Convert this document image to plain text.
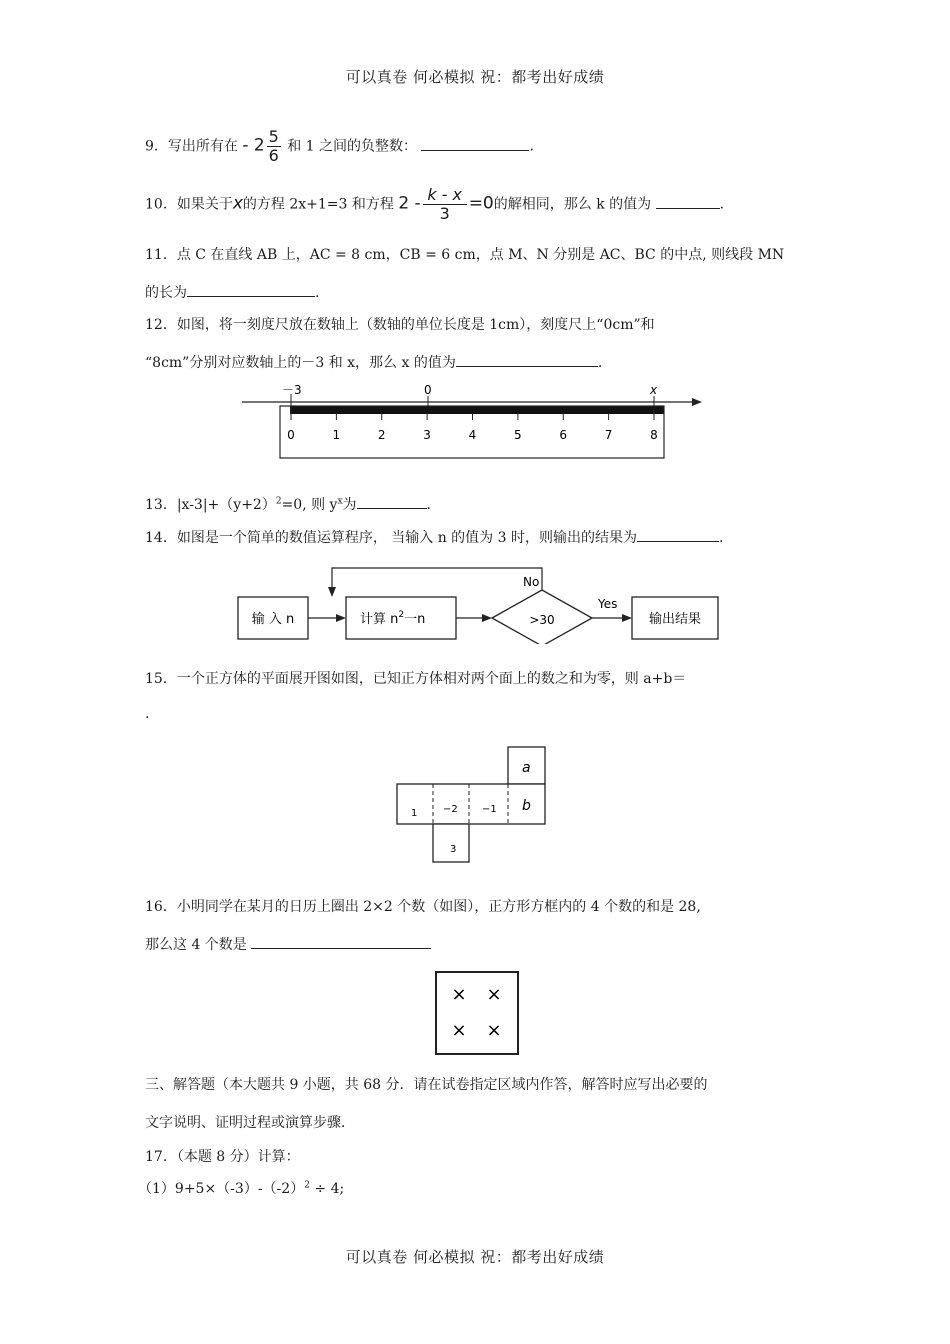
可以真卷 何必模拟 祝：都考出好成绩
9．写出所有在 - $2 \frac{5}{6}$ 和 1 之间的负整数：	.
10．如果关于x的方程 2x+1=3 和方程 $2 - \frac{k - x}{3} =0$的解相同，那么 k 的值为	.
11．点 C 在直线 AB 上，AC = 8 cm，CB = 6 cm，点 M、N 分别是 AC、BC 的中点, 则线段 MN
的长为	.
12．如图，将一刻度尺放在数轴上（数轴的单位长度是 1cm），刻度尺上“0cm”和
“8cm”分别对应数轴上的－3 和 x，那么 x 的值为	.
－3	0	x
0	1	2	3	4	5	6	7	8
13．$|x-3|+(y+2)^2=0$, 则 $y^x$为	.
14．如图是一个简单的数值运算程序， 当输入 n 的值为 3 时，则输出的结果为	.
输 入 n	计算 $n^2$一n	>30
No
Yes
输出结果
15．一个正方体的平面展开图如图，已知正方体相对两个面上的数之和为零，则 a+b＝
.
1	−2 −1 b
a
3
16．小明同学在某月的日历上圈出 2×2 个数（如图），正方形方框内的 4 个数的和是 28,
那么这 4 个数是
× ×
× ×
三、解答题（本大题共 9 小题，共 68 分．请在试卷指定区域内作答，解答时应写出必要的
文字说明、证明过程或演算步骤．
17．（本题 8 分）计算：
$(1)9+5\times(-3)-(-2)^2 \div 4$;
可以真卷 何必模拟 祝：都考出好成绩
